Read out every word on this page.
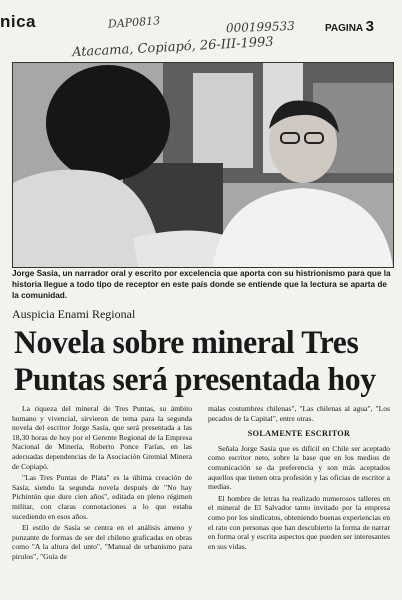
nica	DAP0813	000199533
Atacama, Copiapó, 26-III-1993
PAGINA 3
Jorge Sasía, un narrador oral y escrito por excelencia que aporta con su histrionismo para que la historia llegue a todo tipo de receptor en este país donde se entiende que la lectura se aparta de la comunidad.
Auspicia Enami Regional
Novela sobre mineral Tres
Puntas será presentada hoy

La riqueza del mineral de Tres Puntas, su ámbito humano y vivencial, sirvieron de tema para la segunda novela del escritor Jorge Sasía, que será presentada a las 18,30 horas de hoy por el Gerente Regional de la Empresa Nacional de Minería, Roberto Ponce Farías, en las adecuadas dependencias de la Asociación Gremial Minera de Copiapó.

"Las Tres Puntas de Plata" es la última creación de Sasía, siendo la segunda novela después de "No hay Pichintún que dure cien años", editada en pleno régimen militar, con claras connotaciones a lo que estaba sucediendo en esos años.

El estilo de Sasía se centra en el análisis ameno y punzante de formas de ser del chileno graficadas en obras como "A la altura del unto", "Manual de urbanismo para pirulos", "Guía de

malas costumbres chilenas", "Las chilenas al agua", "Los pecados de la Capital", entre otras.

SOLAMENTE ESCRITOR

Señala Jorge Sasía que es difícil en Chile ser aceptado como escritor neto, sobre la base que en los medios de comunicación se da preferencia y son más aceptados aquellos que tienen otra profesión y las oficias de escritor a medias.

El hombre de letras ha realizado numerosos talleres en el mineral de El Salvador tanto invitado por la empresa como por los sindicatos, obteniendo buenas experiencias en el rato con personas que han descubierto la forma de narrar en forma oral y escrita aspectos que pueden ser interesantes en sus vidas.
